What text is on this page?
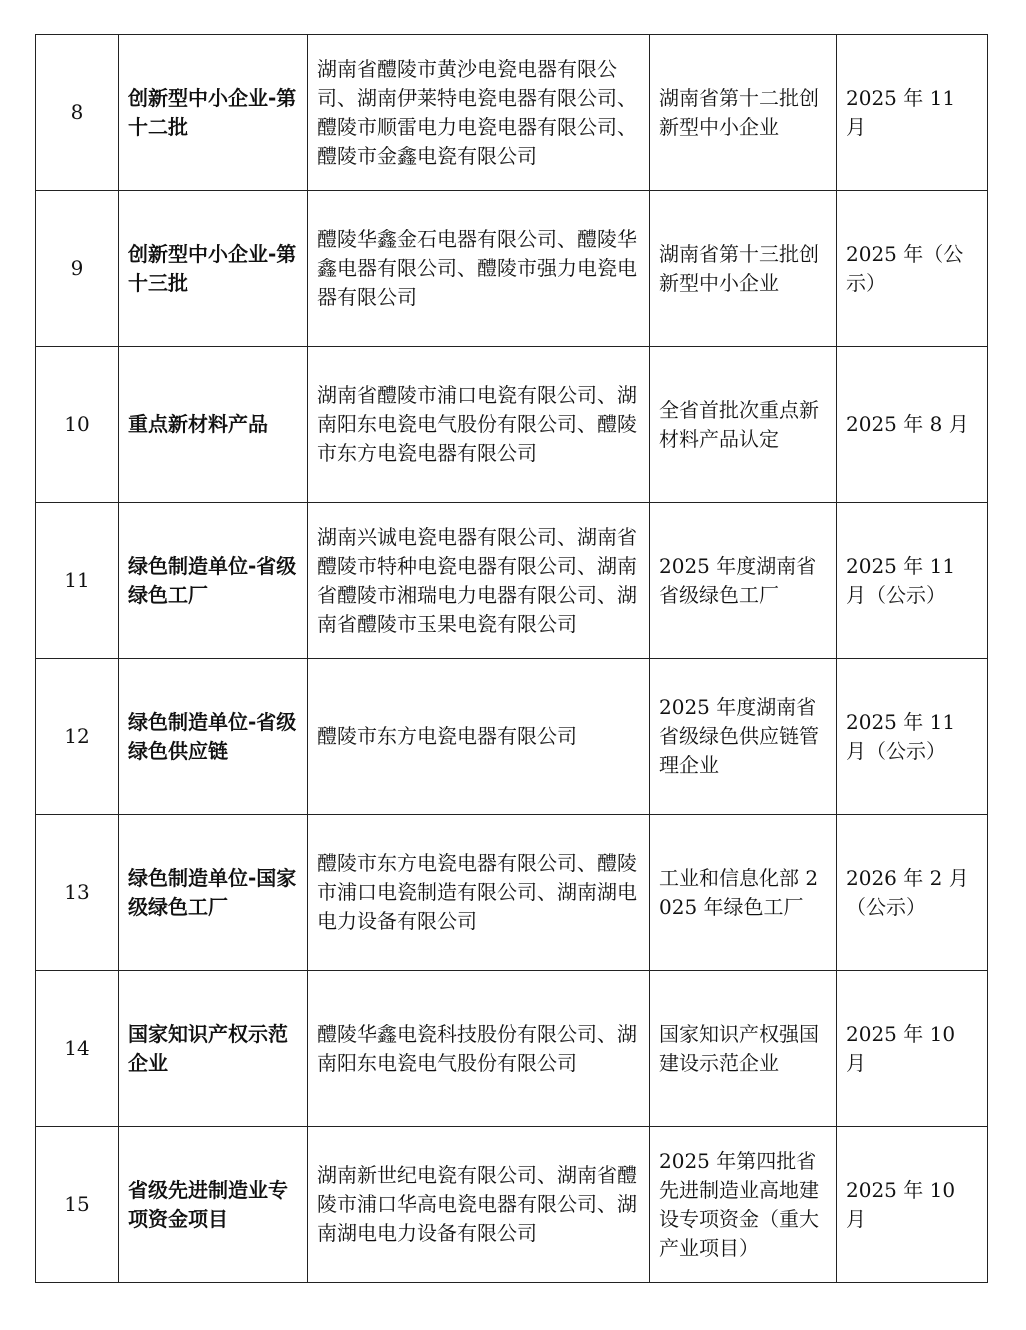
8	创新型中小企业-第十二批	湖南省醴陵市黄沙电瓷电器有限公司、湖南伊莱特电瓷电器有限公司、醴陵市顺雷电力电瓷电器有限公司、醴陵市金鑫电瓷有限公司	湖南省第十二批创新型中小企业	2025 年 11 月
9	创新型中小企业-第十三批	醴陵华鑫金石电器有限公司、醴陵华鑫电器有限公司、醴陵市强力电瓷电器有限公司	湖南省第十三批创新型中小企业	2025 年（公示）
10	重点新材料产品	湖南省醴陵市浦口电瓷有限公司、湖南阳东电瓷电气股份有限公司、醴陵市东方电瓷电器有限公司	全省首批次重点新材料产品认定	2025 年 8 月
11	绿色制造单位-省级绿色工厂	湖南兴诚电瓷电器有限公司、湖南省醴陵市特种电瓷电器有限公司、湖南省醴陵市湘瑞电力电器有限公司、湖南省醴陵市玉果电瓷有限公司	2025 年度湖南省省级绿色工厂	2025 年 11 月（公示）
12	绿色制造单位-省级绿色供应链	醴陵市东方电瓷电器有限公司	2025 年度湖南省省级绿色供应链管理企业	2025 年 11 月（公示）
13	绿色制造单位-国家级绿色工厂	醴陵市东方电瓷电器有限公司、醴陵市浦口电瓷制造有限公司、湖南湖电电力设备有限公司	工业和信息化部 2025 年绿色工厂	2026 年 2 月（公示）
14	国家知识产权示范企业	醴陵华鑫电瓷科技股份有限公司、湖南阳东电瓷电气股份有限公司	国家知识产权强国建设示范企业	2025 年 10 月
15	省级先进制造业专项资金项目	湖南新世纪电瓷有限公司、湖南省醴陵市浦口华高电瓷电器有限公司、湖南湖电电力设备有限公司	2025 年第四批省先进制造业高地建设专项资金（重大产业项目）	2025 年 10 月
